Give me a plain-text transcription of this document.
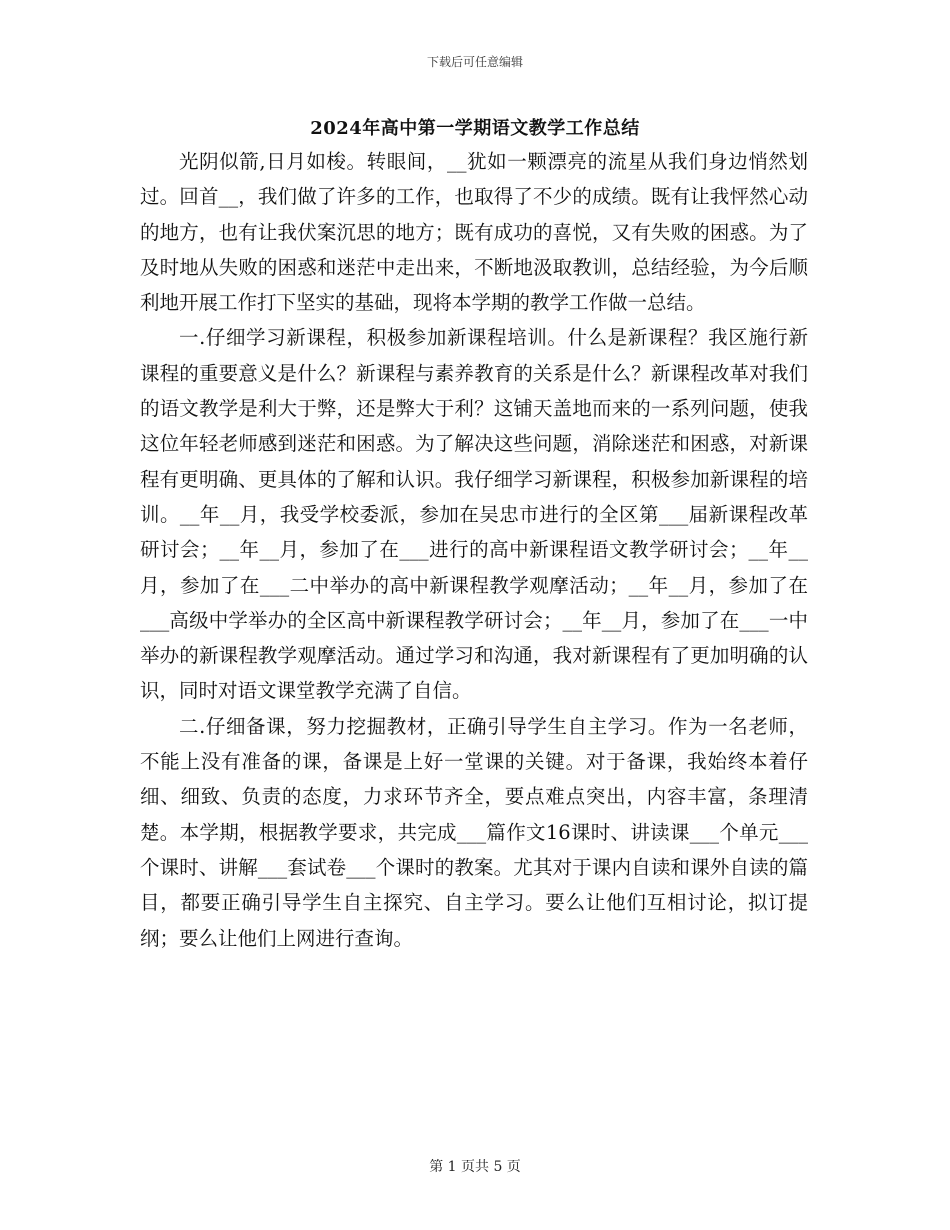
下载后可任意编辑
2024年高中第一学期语文教学工作总结

光阴似箭,日月如梭。转眼间，__犹如一颗漂亮的流星从我们身边悄然划过。回首__，我们做了许多的工作，也取得了不少的成绩。既有让我怦然心动的地方，也有让我伏案沉思的地方；既有成功的喜悦，又有失败的困惑。为了及时地从失败的困惑和迷茫中走出来，不断地汲取教训，总结经验，为今后顺利地开展工作打下坚实的基础，现将本学期的教学工作做一总结。

一.仔细学习新课程，积极参加新课程培训。什么是新课程？我区施行新课程的重要意义是什么？新课程与素养教育的关系是什么？新课程改革对我们的语文教学是利大于弊，还是弊大于利？这铺天盖地而来的一系列问题，使我这位年轻老师感到迷茫和困惑。为了解决这些问题，消除迷茫和困惑，对新课程有更明确、更具体的了解和认识。我仔细学习新课程，积极参加新课程的培训。__年__月，我受学校委派，参加在吴忠市进行的全区第___届新课程改革研讨会；__年__月，参加了在___进行的高中新课程语文教学研讨会；__年__月，参加了在___二中举办的高中新课程教学观摩活动；__年__月，参加了在___高级中学举办的全区高中新课程教学研讨会；__年__月，参加了在___一中举办的新课程教学观摩活动。通过学习和沟通，我对新课程有了更加明确的认识，同时对语文课堂教学充满了自信。

二.仔细备课，努力挖掘教材，正确引导学生自主学习。作为一名老师，不能上没有准备的课，备课是上好一堂课的关键。对于备课，我始终本着仔细、细致、负责的态度，力求环节齐全，要点难点突出，内容丰富，条理清楚。本学期，根据教学要求，共完成___篇作文16课时、讲读课___个单元___个课时、讲解___套试卷___个课时的教案。尤其对于课内自读和课外自读的篇目，都要正确引导学生自主探究、自主学习。要么让他们互相讨论，拟订提纲；要么让他们上网进行查询。

第 1 页共 5 页
